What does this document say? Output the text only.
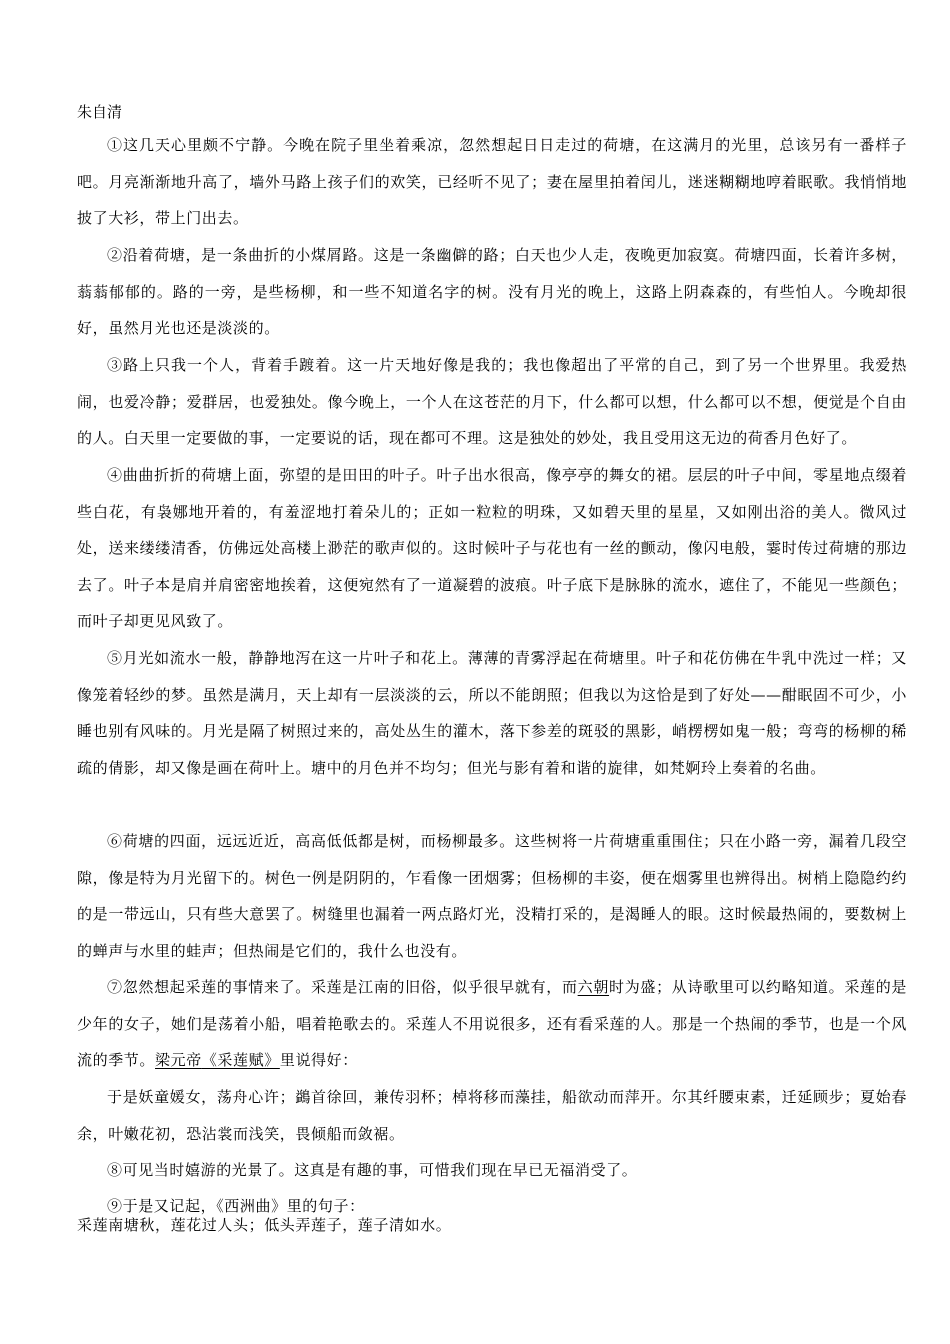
朱自清
①这几天心里颇不宁静。今晚在院子里坐着乘凉，忽然想起日日走过的荷塘，在这满月的光里，总该另有一番样子吧。月亮渐渐地升高了，墙外马路上孩子们的欢笑，已经听不见了；妻在屋里拍着闰儿，迷迷糊糊地哼着眠歌。我悄悄地披了大衫，带上门出去。
②沿着荷塘，是一条曲折的小煤屑路。这是一条幽僻的路；白天也少人走，夜晚更加寂寞。荷塘四面，长着许多树，蓊蓊郁郁的。路的一旁，是些杨柳，和一些不知道名字的树。没有月光的晚上，这路上阴森森的，有些怕人。今晚却很好，虽然月光也还是淡淡的。
③路上只我一个人，背着手踱着。这一片天地好像是我的；我也像超出了平常的自己，到了另一个世界里。我爱热闹，也爱冷静；爱群居，也爱独处。像今晚上，一个人在这苍茫的月下，什么都可以想，什么都可以不想，便觉是个自由的人。白天里一定要做的事，一定要说的话，现在都可不理。这是独处的妙处，我且受用这无边的荷香月色好了。
④曲曲折折的荷塘上面，弥望的是田田的叶子。叶子出水很高，像亭亭的舞女的裙。层层的叶子中间，零星地点缀着些白花，有袅娜地开着的，有羞涩地打着朵儿的；正如一粒粒的明珠，又如碧天里的星星，又如刚出浴的美人。微风过处，送来缕缕清香，仿佛远处高楼上渺茫的歌声似的。这时候叶子与花也有一丝的颤动，像闪电般，霎时传过荷塘的那边去了。叶子本是肩并肩密密地挨着，这便宛然有了一道凝碧的波痕。叶子底下是脉脉的流水，遮住了，不能见一些颜色；而叶子却更见风致了。
⑤月光如流水一般，静静地泻在这一片叶子和花上。薄薄的青雾浮起在荷塘里。叶子和花仿佛在牛乳中洗过一样；又像笼着轻纱的梦。虽然是满月，天上却有一层淡淡的云，所以不能朗照；但我以为这恰是到了好处——酣眠固不可少，小睡也别有风味的。月光是隔了树照过来的，高处丛生的灌木，落下参差的斑驳的黑影，峭楞楞如鬼一般；弯弯的杨柳的稀疏的倩影，却又像是画在荷叶上。塘中的月色并不均匀；但光与影有着和谐的旋律，如梵婀玲上奏着的名曲。
⑥荷塘的四面，远远近近，高高低低都是树，而杨柳最多。这些树将一片荷塘重重围住；只在小路一旁，漏着几段空隙，像是特为月光留下的。树色一例是阴阴的，乍看像一团烟雾；但杨柳的丰姿，便在烟雾里也辨得出。树梢上隐隐约约的是一带远山，只有些大意罢了。树缝里也漏着一两点路灯光，没精打采的，是渴睡人的眼。这时候最热闹的，要数树上的蝉声与水里的蛙声；但热闹是它们的，我什么也没有。
⑦忽然想起采莲的事情来了。采莲是江南的旧俗，似乎很早就有，而六朝时为盛；从诗歌里可以约略知道。采莲的是少年的女子，她们是荡着小船，唱着艳歌去的。采莲人不用说很多，还有看采莲的人。那是一个热闹的季节，也是一个风流的季节。梁元帝《采莲赋》里说得好：
于是妖童媛女，荡舟心许；鷁首徐回，兼传羽杯；棹将移而藻挂，船欲动而萍开。尔其纤腰束素，迁延顾步；夏始春余，叶嫩花初，恐沾裳而浅笑，畏倾船而敛裾。
⑧可见当时嬉游的光景了。这真是有趣的事，可惜我们现在早已无福消受了。
⑨于是又记起，《西洲曲》里的句子：
采莲南塘秋，莲花过人头；低头弄莲子，莲子清如水。
